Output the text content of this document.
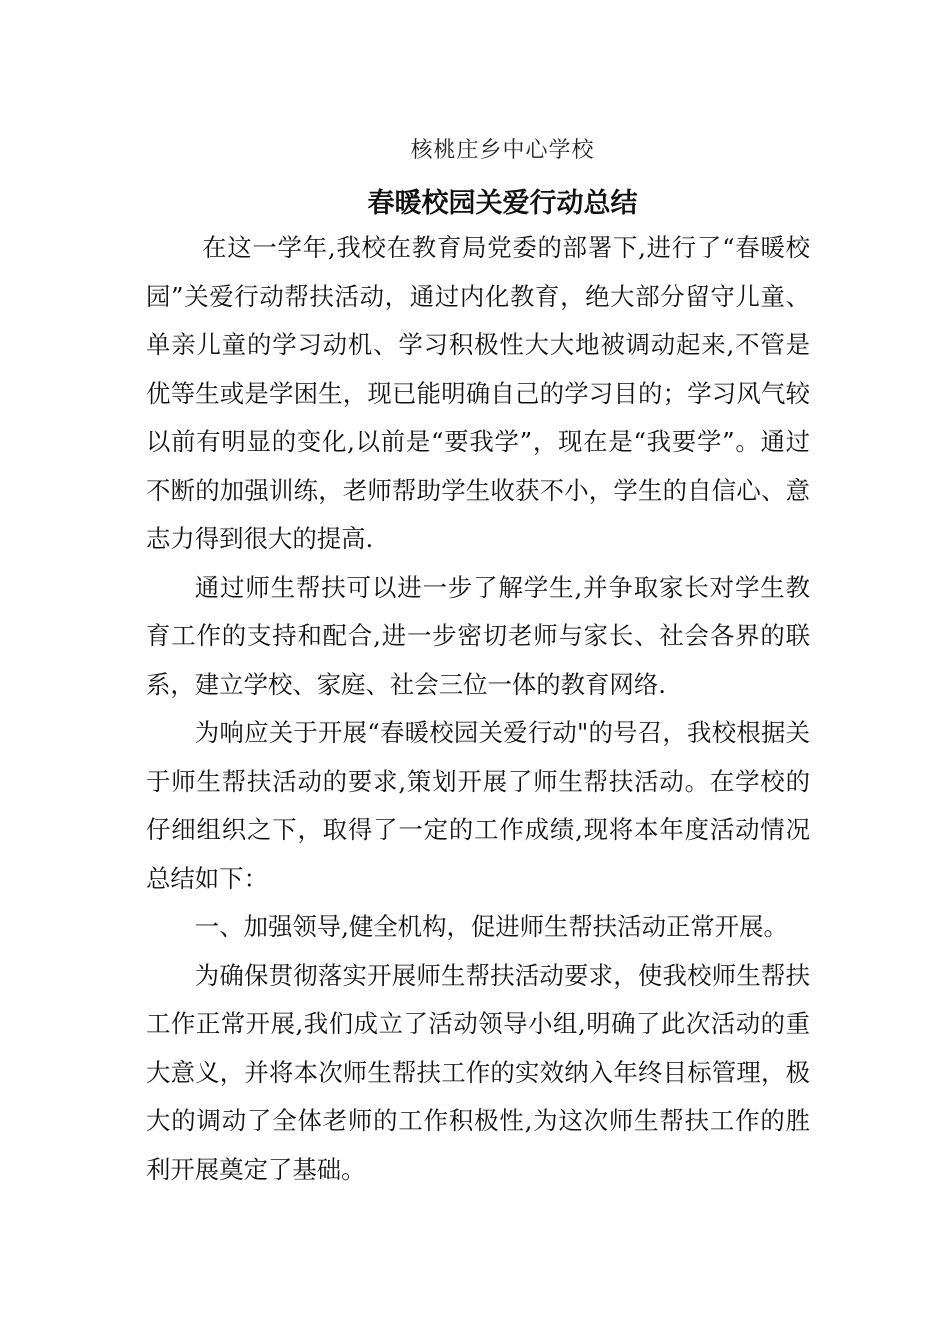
核桃庄乡中心学校
春暖校园关爱行动总结

在这一学年,我校在教育局党委的部署下,进行了“春暖校园”关爱行动帮扶活动，通过内化教育，绝大部分留守儿童、单亲儿童的学习动机、学习积极性大大地被调动起来,不管是优等生或是学困生，现已能明确自己的学习目的；学习风气较以前有明显的变化,以前是“要我学”，现在是“我要学”。通过不断的加强训练，老师帮助学生收获不小，学生的自信心、意志力得到很大的提高.

通过师生帮扶可以进一步了解学生,并争取家长对学生教育工作的支持和配合,进一步密切老师与家长、社会各界的联系，建立学校、家庭、社会三位一体的教育网络.

为响应关于开展“春暖校园关爱行动"的号召，我校根据关于师生帮扶活动的要求,策划开展了师生帮扶活动。在学校的仔细组织之下，取得了一定的工作成绩,现将本年度活动情况总结如下：

一、加强领导,健全机构，促进师生帮扶活动正常开展。

为确保贯彻落实开展师生帮扶活动要求，使我校师生帮扶工作正常开展,我们成立了活动领导小组,明确了此次活动的重大意义，并将本次师生帮扶工作的实效纳入年终目标管理，极大的调动了全体老师的工作积极性,为这次师生帮扶工作的胜利开展奠定了基础。
